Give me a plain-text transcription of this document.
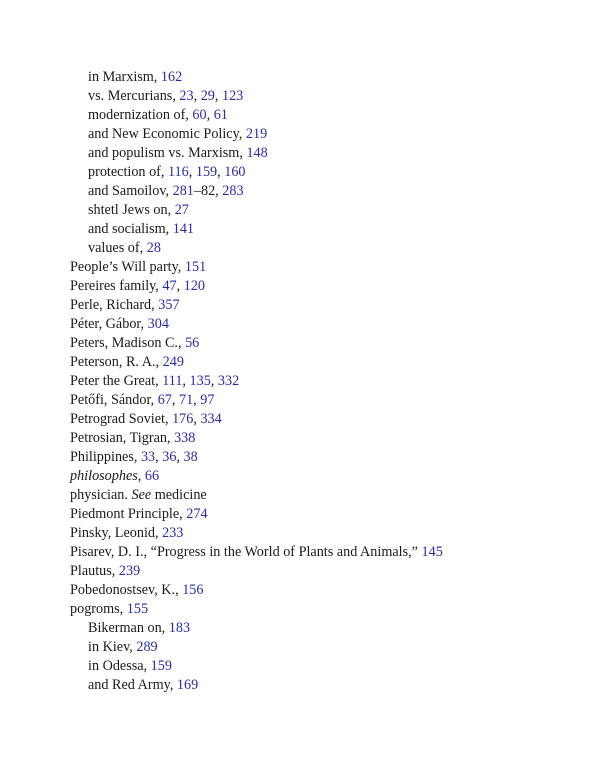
in Marxism, 162
vs. Mercurians, 23, 29, 123
modernization of, 60, 61
and New Economic Policy, 219
and populism vs. Marxism, 148
protection of, 116, 159, 160
and Samoilov, 281–82, 283
shtetl Jews on, 27
and socialism, 141
values of, 28
People’s Will party, 151
Pereires family, 47, 120
Perle, Richard, 357
Péter, Gábor, 304
Peters, Madison C., 56
Peterson, R. A., 249
Peter the Great, 111, 135, 332
Petőfi, Sándor, 67, 71, 97
Petrograd Soviet, 176, 334
Petrosian, Tigran, 338
Philippines, 33, 36, 38
philosophes, 66
physician. See medicine
Piedmont Principle, 274
Pinsky, Leonid, 233
Pisarev, D. I., “Progress in the World of Plants and Animals,” 145
Plautus, 239
Pobedonostsev, K., 156
pogroms, 155
Bikerman on, 183
in Kiev, 289
in Odessa, 159
and Red Army, 169
